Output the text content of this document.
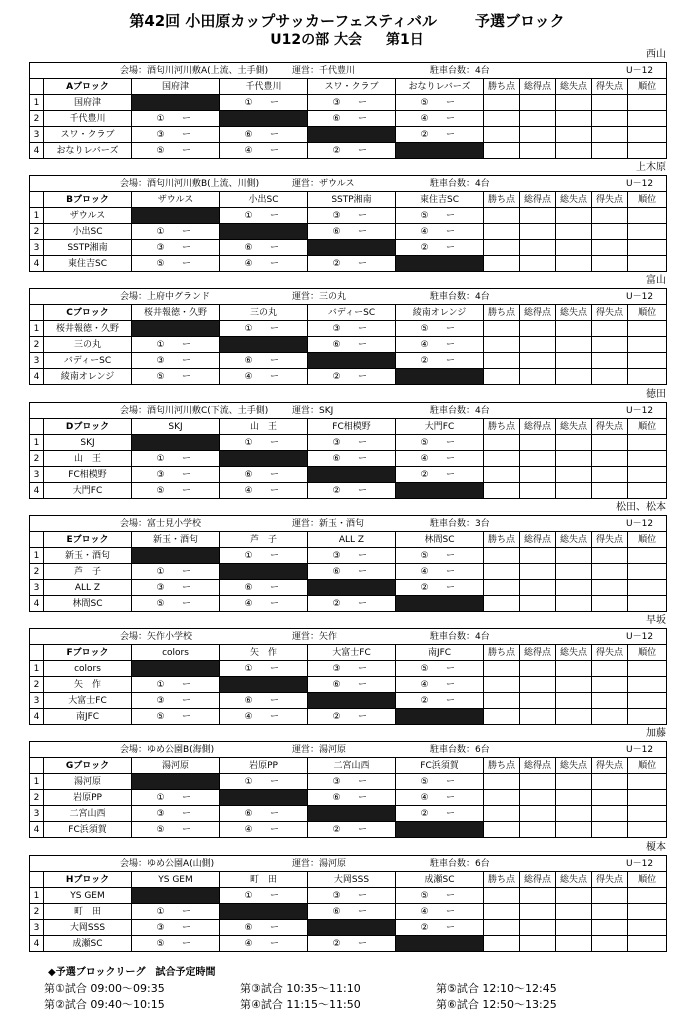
第42回 小田原カップサッカーフェスティバル	予選ブロック
U12の部 大会 第1日
西山
会場：酒匂川河川敷A(上流、土手側) 運営：千代豊川 駐車台数：4台 U－12										

	Aブロック	国府津	千代豊川	スワ・クラブ	おなりレバーズ	勝ち点	総得点	総失点	得失点	順位
1	国府津		① ー	③ ー	⑤ ー					
2	千代豊川	① ー		⑥ ー	④ ー					
3	スワ・クラブ	③ ー	⑥ ー		② ー					
4	おなりレバーズ	⑤ ー	④ ー	② ー						
上木原
会場：酒匂川河川敷B(上流、川側) 運営：ザウルス 駐車台数：4台 U－12										

	Bブロック	ザウルス	小出SC	SSTP湘南	東住吉SC	勝ち点	総得点	総失点	得失点	順位
1	ザウルス		① ー	③ ー	⑤ ー					
2	小出SC	① ー		⑥ ー	④ ー					
3	SSTP湘南	③ ー	⑥ ー		② ー					
4	東住吉SC	⑤ ー	④ ー	② ー						
富山
会場：上府中グランド 運営：三の丸 駐車台数：4台 U－12										

	Cブロック	桜井報徳・久野	三の丸	バディーSC	綾南オレンジ	勝ち点	総得点	総失点	得失点	順位
1	桜井報徳・久野		① ー	③ ー	⑤ ー					
2	三の丸	① ー		⑥ ー	④ ー					
3	バディーSC	③ ー	⑥ ー		② ー					
4	綾南オレンジ	⑤ ー	④ ー	② ー						
徳田
会場：酒匂川河川敷C(下流、土手側) 運営：SKJ 駐車台数：4台 U－12										

	Dブロック	SKJ	山　王	FC相模野	大門FC	勝ち点	総得点	総失点	得失点	順位
1	SKJ		① ー	③ ー	⑤ ー					
2	山　王	① ー		⑥ ー	④ ー					
3	FC相模野	③ ー	⑥ ー		② ー					
4	大門FC	⑤ ー	④ ー	② ー						
松田、松本
会場：富士見小学校 運営：新玉・酒匂 駐車台数：3台 U－12										

	Eブロック	新玉・酒匂	芦　子	ALL Z	林間SC	勝ち点	総得点	総失点	得失点	順位
1	新玉・酒匂		① ー	③ ー	⑤ ー					
2	芦　子	① ー		⑥ ー	④ ー					
3	ALL Z	③ ー	⑥ ー		② ー					
4	林間SC	⑤ ー	④ ー	② ー						
早坂
会場：矢作小学校 運営：矢作 駐車台数：4台 U－12										

	Fブロック	colors	矢　作	大富士FC	南JFC	勝ち点	総得点	総失点	得失点	順位
1	colors		① ー	③ ー	⑤ ー					
2	矢　作	① ー		⑥ ー	④ ー					
3	大富士FC	③ ー	⑥ ー		② ー					
4	南JFC	⑤ ー	④ ー	② ー						
加藤
会場：ゆめ公園B(海側) 運営：湯河原 駐車台数：6台 U－12										

	Gブロック	湯河原	岩原PP	二宮山西	FC浜須賀	勝ち点	総得点	総失点	得失点	順位
1	湯河原		① ー	③ ー	⑤ ー					
2	岩原PP	① ー		⑥ ー	④ ー					
3	二宮山西	③ ー	⑥ ー		② ー					
4	FC浜須賀	⑤ ー	④ ー	② ー						
榎本
会場：ゆめ公園A(山側) 運営：湯河原 駐車台数：6台 U－12										

	Hブロック	YS GEM	町　田	大岡SSS	成瀬SC	勝ち点	総得点	総失点	得失点	順位
1	YS GEM		① ー	③ ー	⑤ ー					
2	町　田	① ー		⑥ ー	④ ー					
3	大岡SSS	③ ー	⑥ ー		② ー					
4	成瀬SC	⑤ ー	④ ー	② ー						
◆予選ブロックリーグ　試合予定時間
第①試合 09:00〜09:35	第③試合 10:35〜11:10	第⑤試合 12:10〜12:45
第②試合 09:40〜10:15	第④試合 11:15〜11:50	第⑥試合 12:50〜13:25
